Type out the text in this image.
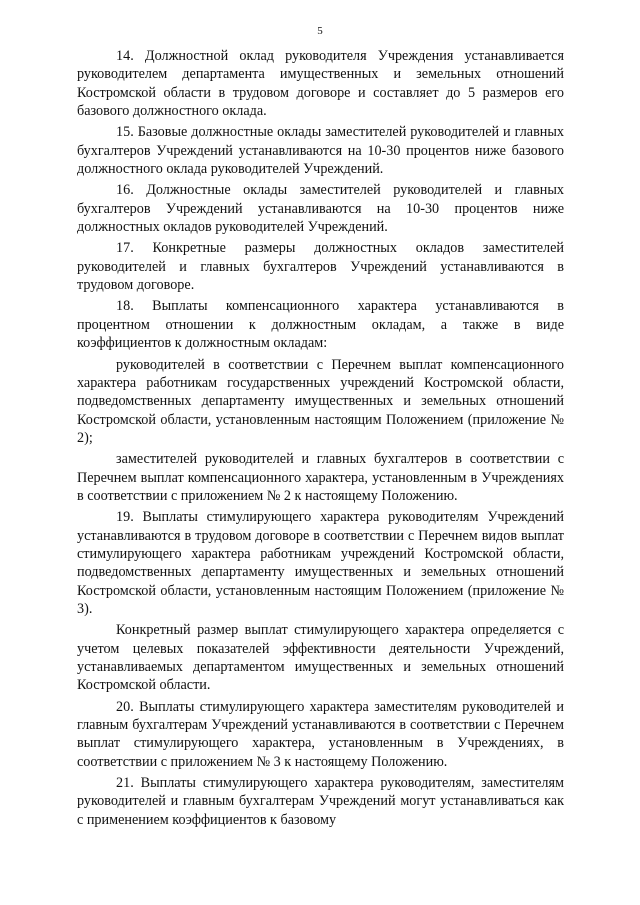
5

14. Должностной оклад руководителя Учреждения устанавливается руководителем департамента имущественных и земельных отношений Костромской области в трудовом договоре и составляет до 5 размеров его базового должностного оклада.

15. Базовые должностные оклады заместителей руководителей и главных бухгалтеров Учреждений устанавливаются на 10-30 процентов ниже базового должностного оклада руководителей Учреждений.

16. Должностные оклады заместителей руководителей и главных бухгалтеров Учреждений устанавливаются на 10-30 процентов ниже должностных окладов руководителей Учреждений.

17. Конкретные размеры должностных окладов заместителей руководителей и главных бухгалтеров Учреждений устанавливаются в трудовом договоре.

18. Выплаты компенсационного характера устанавливаются в процентном отношении к должностным окладам, а также в виде коэффициентов к должностным окладам:

руководителей в соответствии с Перечнем выплат компенсационного характера работникам государственных учреждений Костромской области, подведомственных департаменту имущественных и земельных отношений Костромской области, установленным настоящим Положением (приложение № 2);

заместителей руководителей и главных бухгалтеров в соответствии с Перечнем выплат компенсационного характера, установленным в Учреждениях в соответствии с приложением № 2 к настоящему Положению.

19. Выплаты стимулирующего характера руководителям Учреждений устанавливаются в трудовом договоре в соответствии с Перечнем видов выплат стимулирующего характера работникам учреждений Костромской области, подведомственных департаменту имущественных и земельных отношений Костромской области, установленным настоящим Положением (приложение № 3).

Конкретный размер выплат стимулирующего характера определяется с учетом целевых показателей эффективности деятельности Учреждений, устанавливаемых департаментом имущественных и земельных отношений Костромской области.

20. Выплаты стимулирующего характера заместителям руководителей и главным бухгалтерам Учреждений устанавливаются в соответствии с Перечнем выплат стимулирующего характера, установленным в Учреждениях, в соответствии с приложением № 3 к настоящему Положению.

21. Выплаты стимулирующего характера руководителям, заместителям руководителей и главным бухгалтерам Учреждений могут устанавливаться как с применением коэффициентов к базовому
